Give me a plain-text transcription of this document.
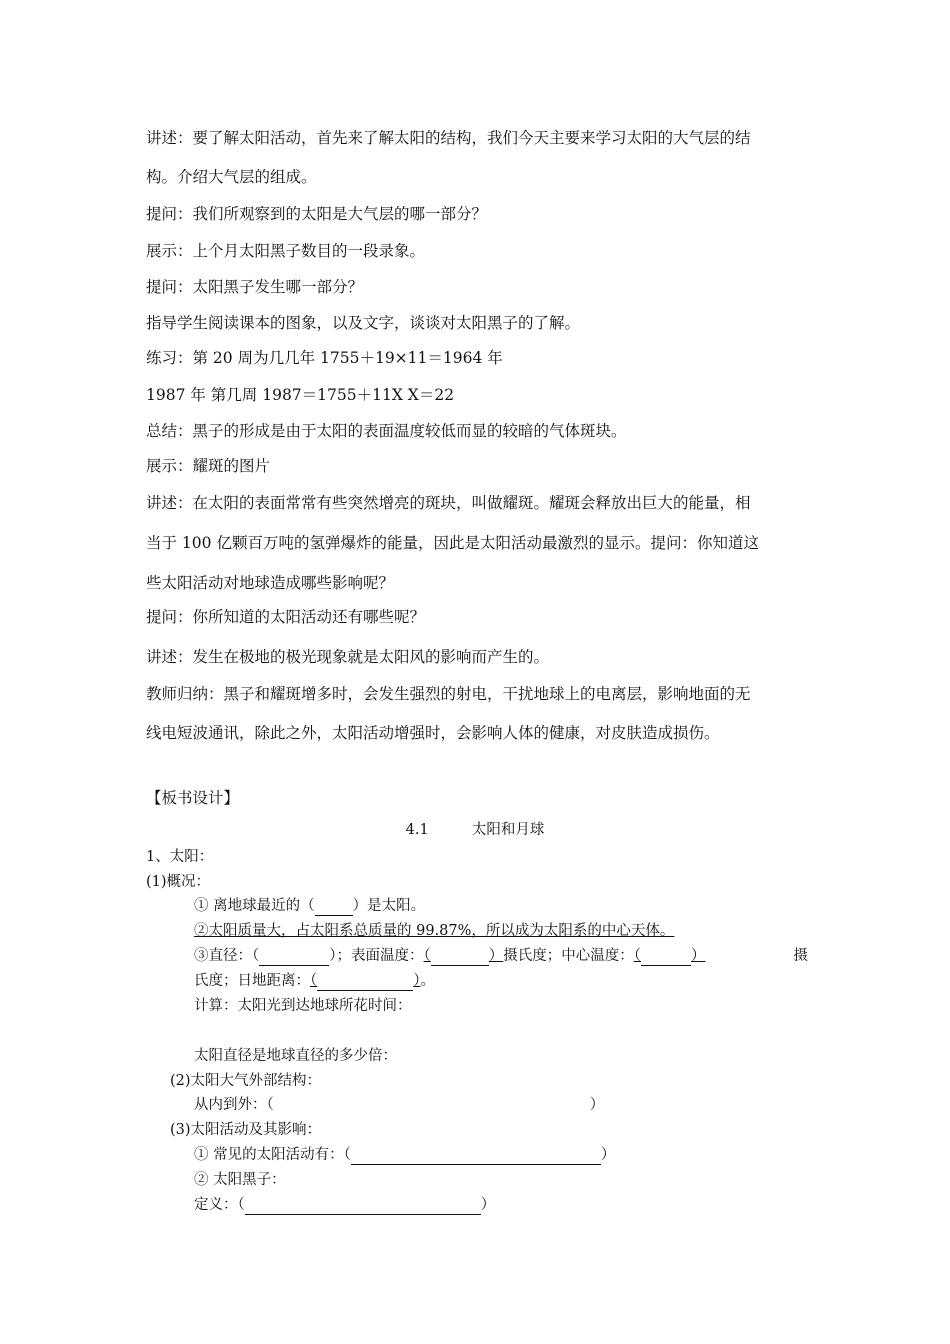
讲述：要了解太阳活动，首先来了解太阳的结构，我们今天主要来学习太阳的大气层的结
构。介绍大气层的组成。
提问：我们所观察到的太阳是大气层的哪一部分？
展示：上个月太阳黑子数目的一段录象。
提问：太阳黑子发生哪一部分？
指导学生阅读课本的图象，以及文字，谈谈对太阳黑子的了解。
练习：第 20 周为几几年 1755＋19×11＝1964 年
1987 年 第几周 1987＝1755＋11X X＝22
总结：黑子的形成是由于太阳的表面温度较低而显的较暗的气体斑块。
展示：耀斑的图片
讲述：在太阳的表面常常有些突然增亮的斑块，叫做耀斑。耀斑会释放出巨大的能量，相
当于 100 亿颗百万吨的氢弹爆炸的能量，因此是太阳活动最激烈的显示。提问：你知道这
些太阳活动对地球造成哪些影响呢？
提问：你所知道的太阳活动还有哪些呢？
讲述：发生在极地的极光现象就是太阳风的影响而产生的。
教师归纳：黑子和耀斑增多时，会发生强烈的射电，干扰地球上的电离层，影响地面的无
线电短波通讯，除此之外，太阳活动增强时，会影响人体的健康，对皮肤造成损伤。
【板书设计】
4.1	太阳和月球
1、太阳：
(1)概况：
① 离地球最近的（	）是太阳。
②太阳质量大，占太阳系总质量的 99.87%，所以成为太阳系的中心天体。
③直径：（	）；表面温度：（	）摄氏度；中心温度：（	）	摄
氏度；日地距离：（	）。
计算：太阳光到达地球所花时间：
太阳直径是地球直径的多少倍：
(2)太阳大气外部结构：
从内到外：（	）
(3)太阳活动及其影响：
① 常见的太阳活动有：（	）
② 太阳黑子：
定义：（	）
